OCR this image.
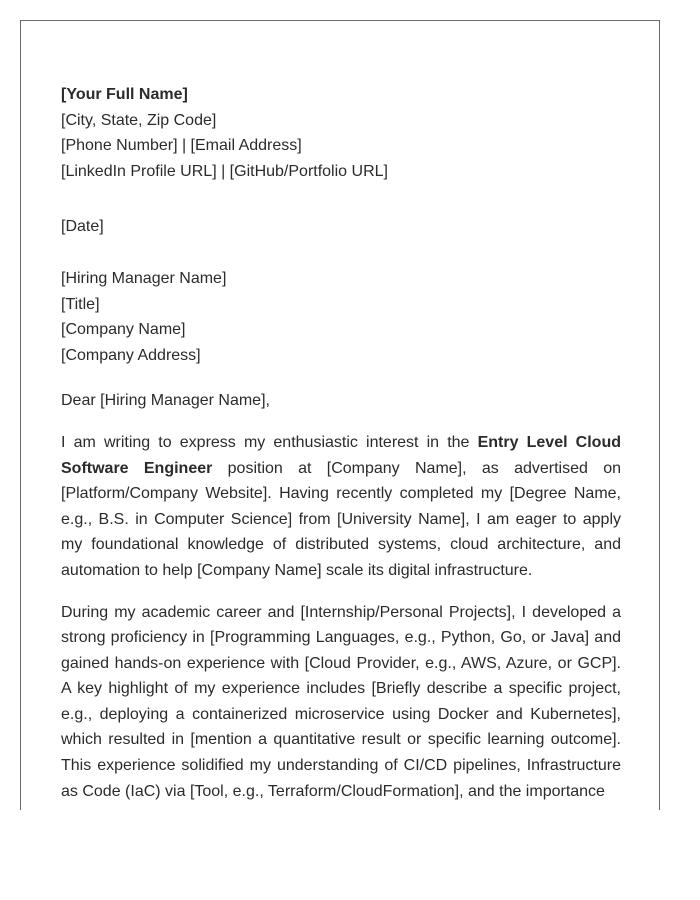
[Your Full Name]
[City, State, Zip Code]
[Phone Number] | [Email Address]
[LinkedIn Profile URL] | [GitHub/Portfolio URL]
[Date]
[Hiring Manager Name]
[Title]
[Company Name]
[Company Address]
Dear [Hiring Manager Name],

I am writing to express my enthusiastic interest in the Entry Level Cloud Software Engineer position at [Company Name], as advertised on [Platform/Company Website]. Having recently completed my [Degree Name, e.g., B.S. in Computer Science] from [University Name], I am eager to apply my foundational knowledge of distributed systems, cloud architecture, and automation to help [Company Name] scale its digital infrastructure.

During my academic career and [Internship/Personal Projects], I developed a strong proficiency in [Programming Languages, e.g., Python, Go, or Java] and gained hands-on experience with [Cloud Provider, e.g., AWS, Azure, or GCP]. A key highlight of my experience includes [Briefly describe a specific project, e.g., deploying a containerized microservice using Docker and Kubernetes], which resulted in [mention a quantitative result or specific learning outcome]. This experience solidified my understanding of CI/CD pipelines, Infrastructure as Code (IaC) via [Tool, e.g., Terraform/CloudFormation], and the importance
